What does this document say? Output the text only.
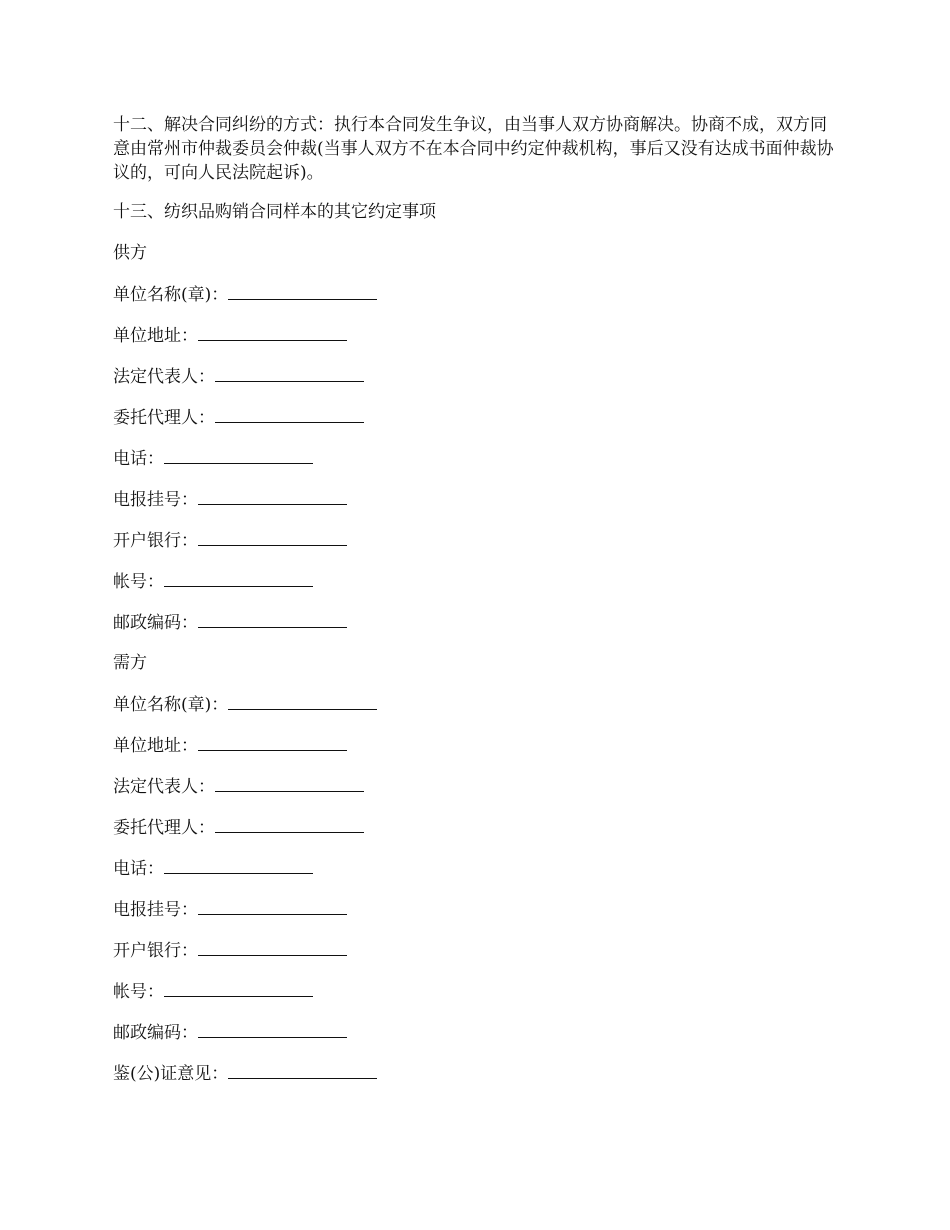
十二、解决合同纠纷的方式：执行本合同发生争议，由当事人双方协商解决。协商不成，双方同意由常州市仲裁委员会仲裁(当事人双方不在本合同中约定仲裁机构，事后又没有达成书面仲裁协议的，可向人民法院起诉)。

十三、纺织品购销合同样本的其它约定事项
供方
单位名称(章)：
单位地址：
法定代表人：
委托代理人：
电话：
电报挂号：
开户银行：
帐号：
邮政编码：
需方
单位名称(章)：
单位地址：
法定代表人：
委托代理人：
电话：
电报挂号：
开户银行：
帐号：
邮政编码：
鉴(公)证意见：
